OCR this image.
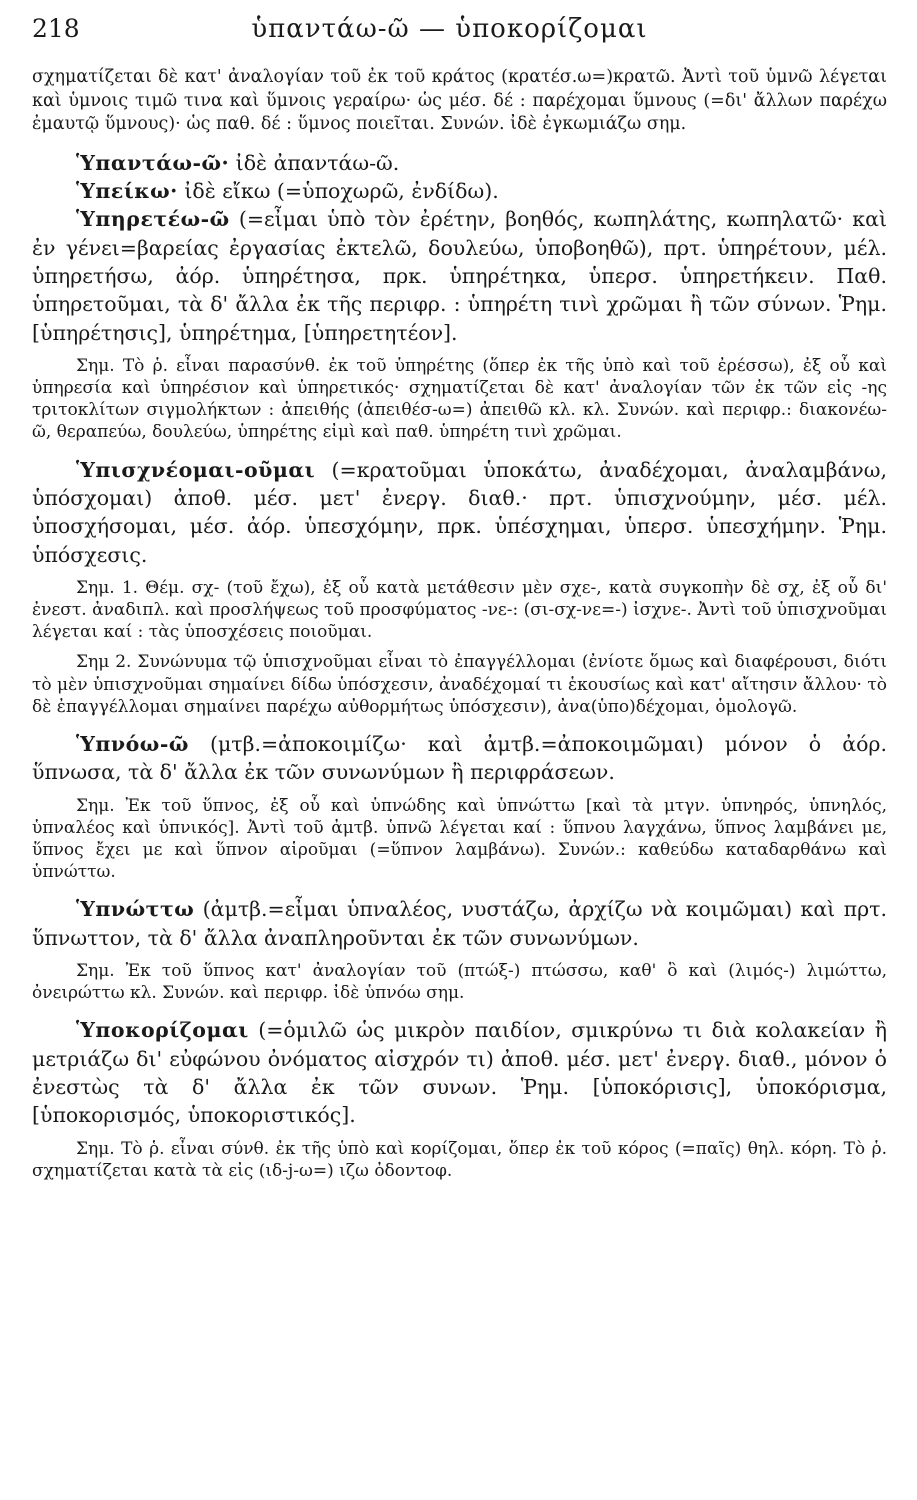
218	ὑπαντάω-ῶ — ὑποκορίζομαι

σχηματίζεται δὲ κατ' ἀναλογίαν τοῦ ἐκ τοῦ κράτος (κρατέσ.ω=)κρατῶ. Ἀντὶ τοῦ ὑμνῶ λέγεται καὶ ὑμνοις τιμῶ τινα καὶ ὕμνοις γεραίρω· ὡς μέσ. δέ : παρέχομαι ὕμνους (=δι' ἄλλων παρέχω ἐμαυτῷ ὕμνους)· ὡς παθ. δέ : ὕμνος ποιεῖται. Συνών. ἰδὲ ἐγκωμιάζω σημ.

Ὑπαντάω-ῶ· ἰδὲ ἀπαντάω-ῶ.

Ὑπείκω· ἰδὲ εἴκω (=ὑποχωρῶ, ἐνδίδω).

Ὑπηρετέω-ῶ (=εἶμαι ὑπὸ τὸν ἐρέτην, βοηθός, κωπηλάτης, κωπηλατῶ· καὶ ἐν γένει=βαρείας ἐργασίας ἐκτελῶ, δουλεύω, ὑποβοηθῶ), πρτ. ὑπηρέτουν, μέλ. ὑπηρετήσω, ἀόρ. ὑπηρέτησα, πρκ. ὑπηρέτηκα, ὑπερσ. ὑπηρετήκειν. Παθ. ὑπηρετοῦμαι, τὰ δ' ἄλλα ἐκ τῆς περιφρ. : ὑπηρέτη τινὶ χρῶμαι ἢ τῶν σύνων. Ῥημ. [ὑπηρέτησις], ὑπηρέτημα, [ὑπηρετητέον].

Σημ. Τὸ ῥ. εἶναι παρασύνθ. ἐκ τοῦ ὑπηρέτης (ὅπερ ἐκ τῆς ὑπὸ καὶ τοῦ ἐρέσσω), ἐξ οὗ καὶ ὑπηρεσία καὶ ὑπηρέσιον καὶ ὑπηρετικός· σχηματίζεται δὲ κατ' ἀναλογίαν τῶν ἐκ τῶν εἰς -ης τριτοκλίτων σιγμολήκτων : ἀπειθής (ἀπειθέσ-ω=) ἀπειθῶ κλ. κλ. Συνών. καὶ περιφρ.: διακονέω-ῶ, θεραπεύω, δουλεύω, ὑπηρέτης εἰμὶ καὶ παθ. ὑπηρέτη τινὶ χρῶμαι.

Ὑπισχνέομαι-οῦμαι (=κρατοῦμαι ὑποκάτω, ἀναδέχομαι, ἀναλαμβάνω, ὑπόσχομαι) ἀποθ. μέσ. μετ' ἐνεργ. διαθ.· πρτ. ὑπισχνούμην, μέσ. μέλ. ὑποσχήσομαι, μέσ. ἀόρ. ὑπεσχόμην, πρκ. ὑπέσχημαι, ὑπερσ. ὑπεσχήμην. Ῥημ. ὑπόσχεσις.

Σημ. 1. Θέμ. σχ- (τοῦ ἔχω), ἐξ οὗ κατὰ μετάθεσιν μὲν σχε-, κατὰ συγκοπὴν δὲ σχ, ἐξ οὗ δι' ἐνεστ. ἀναδιπλ. καὶ προσλήψεως τοῦ προσφύματος -νε-: (σι-σχ-νε=-) ἰσχνε-. Ἀντὶ τοῦ ὑπισχνοῦμαι λέγεται καί : τὰς ὑποσχέσεις ποιοῦμαι.

Σημ 2. Συνώνυμα τῷ ὑπισχνοῦμαι εἶναι τὸ ἐπαγγέλλομαι (ἐνίοτε ὅμως καὶ διαφέρουσι, διότι τὸ μὲν ὑπισχνοῦμαι σημαίνει δίδω ὑπόσχεσιν, ἀναδέχομαί τι ἑκουσίως καὶ κατ' αἴτησιν ἄλλου· τὸ δὲ ἐπαγγέλλομαι σημαίνει παρέχω αὐθορμήτως ὑπόσχεσιν), ἀνα(ὑπο)δέχομαι, ὁμολογῶ.

Ὑπνόω-ῶ (μτβ.=ἀποκοιμίζω· καὶ ἀμτβ.=ἀποκοιμῶμαι) μόνον ὁ ἀόρ. ὕπνωσα, τὰ δ' ἄλλα ἐκ τῶν συνωνύμων ἢ περιφράσεων.

Σημ. Ἐκ τοῦ ὕπνος, ἐξ οὗ καὶ ὑπνώδης καὶ ὑπνώττω [καὶ τὰ μτγν. ὑπνηρός, ὑπνηλός, ὑπναλέος καὶ ὑπνικός]. Ἀντὶ τοῦ ἀμτβ. ὑπνῶ λέγεται καί : ὕπνου λαγχάνω, ὕπνος λαμβάνει με, ὕπνος ἔχει με καὶ ὕπνον αἱροῦμαι (=ὕπνον λαμβάνω). Συνών.: καθεύδω καταδαρθάνω καὶ ὑπνώττω.

Ὑπνώττω (ἀμτβ.=εἶμαι ὑπναλέος, νυστάζω, ἀρχίζω νὰ κοιμῶμαι) καὶ πρτ. ὕπνωττον, τὰ δ' ἄλλα ἀναπληροῦνται ἐκ τῶν συνωνύμων.

Σημ. Ἐκ τοῦ ὕπνος κατ' ἀναλογίαν τοῦ (πτώξ-) πτώσσω, καθ' ὃ καὶ (λιμός-) λιμώττω, ὀνειρώττω κλ. Συνών. καὶ περιφρ. ἰδὲ ὑπνόω σημ.

Ὑποκορίζομαι (=ὁμιλῶ ὡς μικρὸν παιδίον, σμικρύνω τι διὰ κολακείαν ἢ μετριάζω δι' εὐφώνου ὀνόματος αἰσχρόν τι) ἀποθ. μέσ. μετ' ἐνεργ. διαθ., μόνον ὁ ἐνεστὼς τὰ δ' ἄλλα ἐκ τῶν συνων. Ῥημ. [ὑποκόρισις], ὑποκόρισμα, [ὑποκορισμός, ὑποκοριστικός].

Σημ. Τὸ ῥ. εἶναι σύνθ. ἐκ τῆς ὑπὸ καὶ κορίζομαι, ὅπερ ἐκ τοῦ κόρος (=παῖς) θηλ. κόρη. Τὸ ῥ. σχηματίζεται κατὰ τὰ εἰς (ιδ-j-ω=) ιζω ὀδοντοφ.
